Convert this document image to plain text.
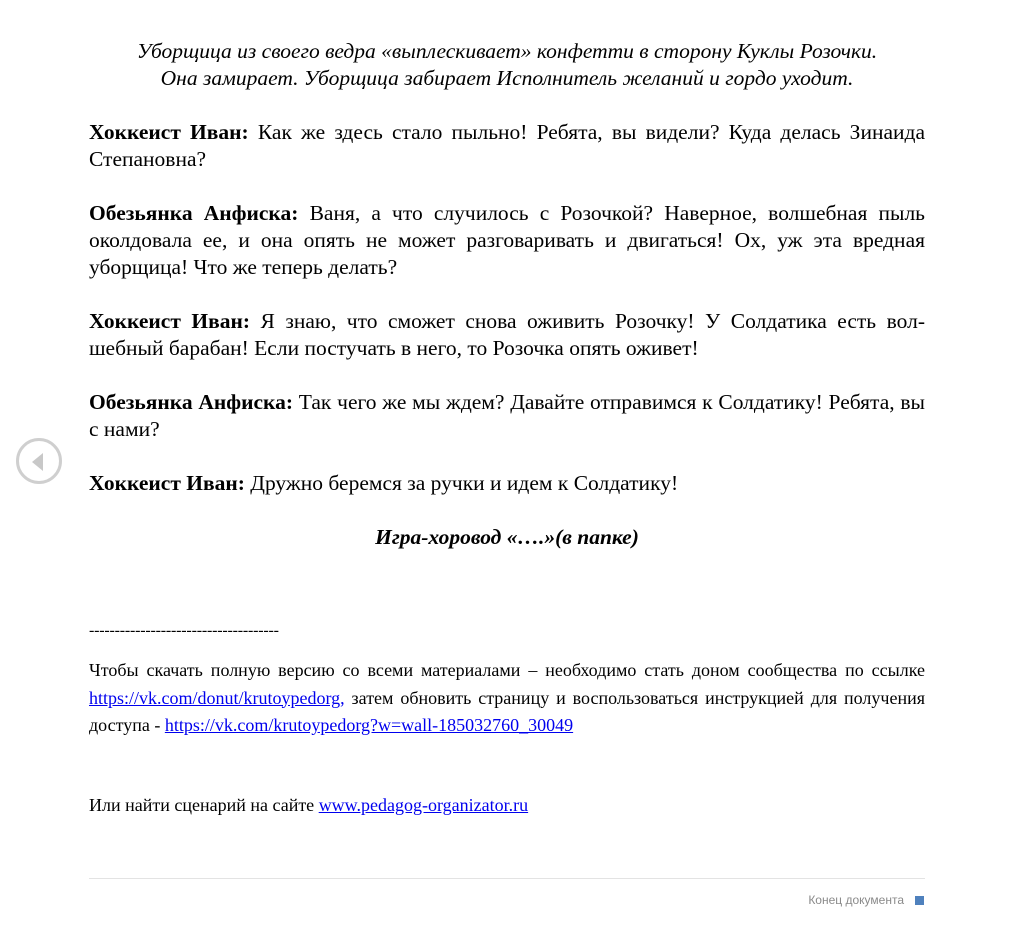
Уборщица из своего ведра «выплескивает» конфетти в сторону Куклы Розочки.
Она замирает. Уборщица забирает Исполнитель желаний и гордо уходит.

Хоккеист Иван: Как же здесь стало пыльно! Ребята, вы видели? Куда делась Зинаида Степановна?

Обезьянка Анфиска: Ваня, а что случилось с Розочкой? Наверное, волшебная пыль околдовала ее, и она опять не может разговаривать и двигаться! Ох, уж эта вредная уборщица! Что же теперь делать?

Хоккеист Иван: Я знаю, что сможет снова оживить Розочку! У Солдатика есть волшебный барабан! Если постучать в него, то Розочка опять оживет!

Обезьянка Анфиска: Так чего же мы ждем? Давайте отправимся к Солдатику! Ребята, вы с нами?

Хоккеист Иван: Дружно беремся за ручки и идем к Солдатику!

Игра-хоровод «….»(в папке)

-------------------------------------
Чтобы скачать полную версию со всеми материалами – необходимо стать доном сообщества по ссылке https://vk.com/donut/krutoypedorg, затем обновить страницу и воспользоваться инструкцией для получения доступа - https://vk.com/krutoypedorg?w=wall-185032760_30049
Или найти сценарий на сайте www.pedagog-organizator.ru
Конец документа
